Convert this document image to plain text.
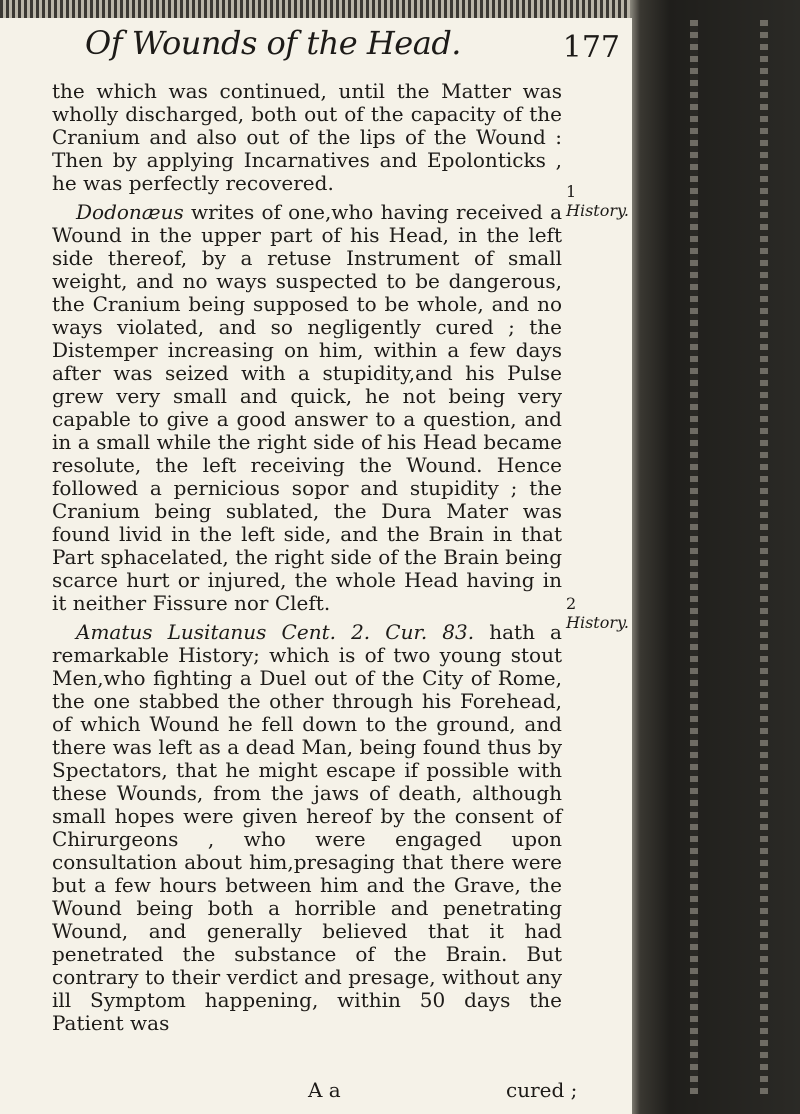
Of Wounds of the Head.	177

the which was continued, until the Matter was wholly discharged, both out of the capacity of the Cranium and also out of the lips of the Wound : Then by applying Incarnatives and Epolonticks , he was perfectly recovered.

Dodonæus writes of one,who having received a Wound in the upper part of his Head, in the left side thereof, by a retuse Instrument of small weight, and no ways suspected to be dangerous, the Cranium being supposed to be whole, and no ways violated, and so negligently cured ; the Distemper increasing on him, within a few days after was seized with a stupidity,and his Pulse grew very small and quick, he not being very capable to give a good answer to a question, and in a small while the right side of his Head became resolute, the left receiving the Wound. Hence followed a pernicious sopor and stupidity ; the Cranium being sublated, the Dura Mater was found livid in the left side, and the Brain in that Part sphacelated, the right side of the Brain being scarce hurt or injured, the whole Head having in it neither Fissure nor Cleft.

Amatus Lusitanus Cent. 2. Cur. 83. hath a remarkable History; which is of two young stout Men,who fighting a Duel out of the City of Rome, the one stabbed the other through his Forehead, of which Wound he fell down to the ground, and there was left as a dead Man, being found thus by Spectators, that he might escape if possible with these Wounds, from the jaws of death, although small hopes were given hereof by the consent of Chirurgeons , who were engaged upon consultation about him,presaging that there were but a few hours between him and the Grave, the Wound being both a horrible and penetrating Wound, and generally believed that it had penetrated the substance of the Brain. But contrary to their verdict and presage, without any ill Symptom happening, within 50 days the Patient was

1 History.
2 History.
A a	cured ;
